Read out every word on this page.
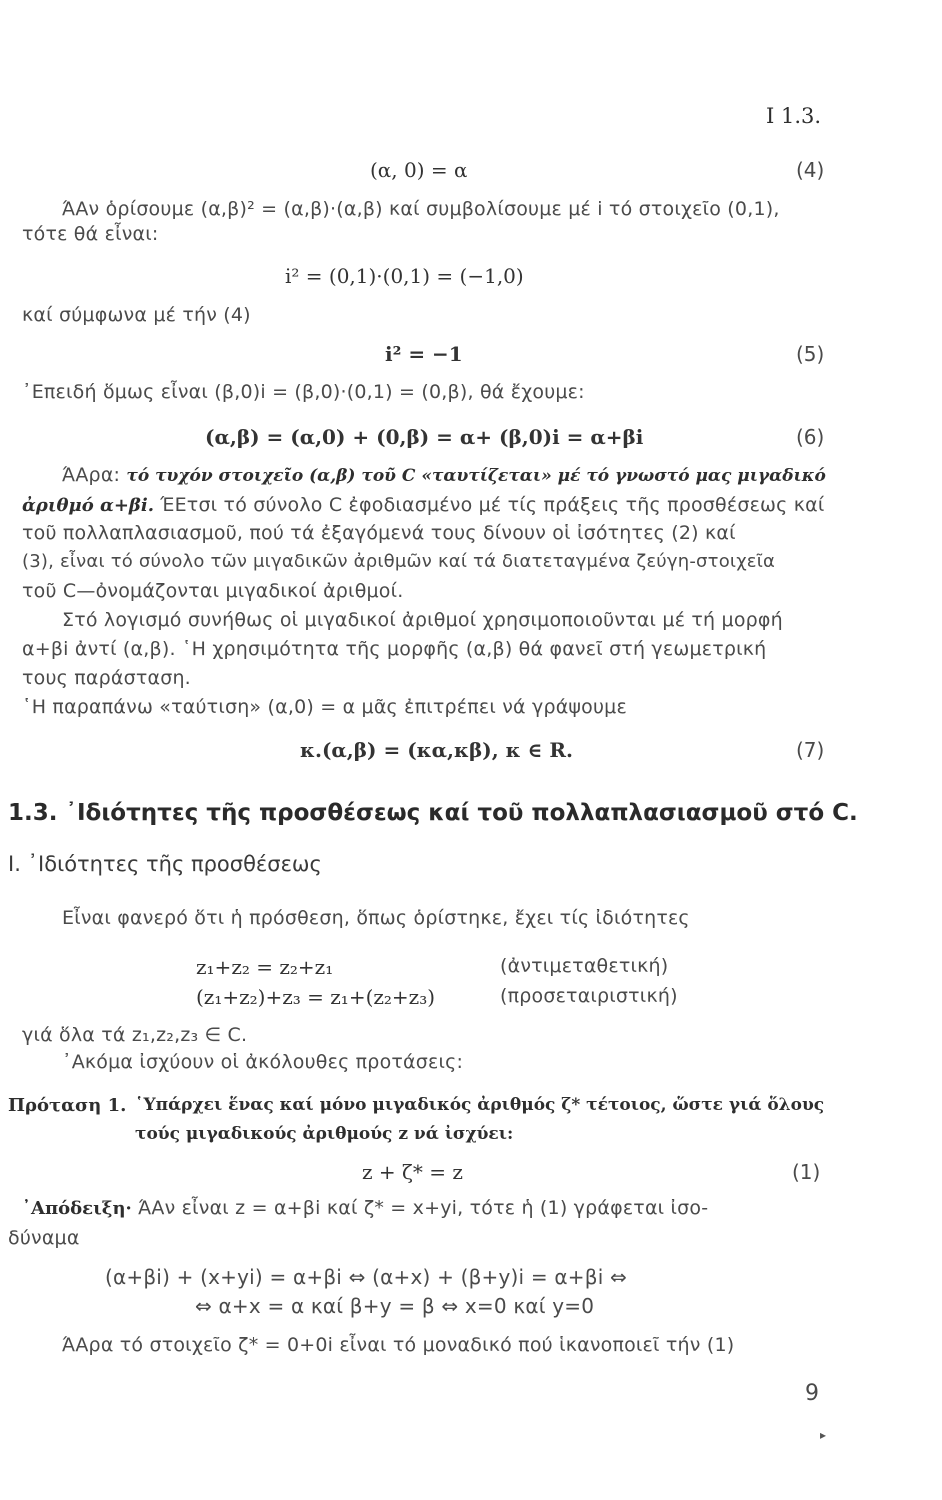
I 1.3.
(α, 0) = α	(4)
ΆΑν ὁρίσουμε (α,β)² = (α,β)·(α,β) καί συμβολίσουμε μέ i τό στοιχεῖο (0,1),
τότε θά εἶναι:
i² = (0,1)·(0,1) = (−1,0)
καί σύμφωνα μέ τήν (4)
i² = −1	(5)
᾿Επειδή ὅμως εἶναι (β,0)i = (β,0)·(0,1) = (0,β), θά ἔχουμε:
(α,β) = (α,0) + (0,β) = α+ (β,0)i = α+βi	(6)
ΆΑρα: τό τυχόν στοιχεῖο (α,β) τοῦ C «ταυτίζεται» μέ τό γνωστό μας μιγαδικό
ἀριθμό α+βi. ΈΕτσι τό σύνολο C ἐφοδιασμένο μέ τίς πράξεις τῆς προσθέσεως καί
τοῦ πολλαπλασιασμοῦ, πού τά ἐξαγόμενά τους δίνουν οἱ ἰσότητες (2) καί
(3), εἶναι τό σύνολο τῶν μιγαδικῶν ἀριθμῶν καί τά διατεταγμένα ζεύγη-στοιχεῖα
τοῦ C—ὀνομάζονται μιγαδικοί ἀριθμοί.
Στό λογισμό συνήθως οἱ μιγαδικοί ἀριθμοί χρησιμοποιοῦνται μέ τή μορφή
α+βi ἀντί (α,β). ῾Η χρησιμότητα τῆς μορφῆς (α,β) θά φανεῖ στή γεωμετρική
τους παράσταση.
῾Η παραπάνω «ταύτιση» (α,0) = α μᾶς ἐπιτρέπει νά γράψουμε
κ.(α,β) = (κα,κβ), κ ∈ R.	(7)
1.3. ᾿Ιδιότητες τῆς προσθέσεως καί τοῦ πολλαπλασιασμοῦ στό C.
I. ᾿Ιδιότητες τῆς προσθέσεως
Εἶναι φανερό ὅτι ἡ πρόσθεση, ὅπως ὁρίστηκε, ἔχει τίς ἰδιότητες
z₁+z₂ = z₂+z₁	(ἀντιμεταθετική)
(z₁+z₂)+z₃ = z₁+(z₂+z₃)	(προσεταιριστική)
γιά ὅλα τά z₁,z₂,z₃ ∈ C.
᾿Ακόμα ἰσχύουν οἱ ἀκόλουθες προτάσεις:
Πρόταση 1. ῾Υπάρχει ἕνας καί μόνο μιγαδικός ἀριθμός ζ* τέτοιος, ὥστε γιά ὅλους
τούς μιγαδικούς ἀριθμούς z νά ἰσχύει:
z + ζ* = z	(1)
᾿Απόδειξη· ΆΑν εἶναι z = α+βi καί ζ* = x+yi, τότε ἡ (1) γράφεται ἰσο-
δύναμα
(α+βi) + (x+yi) = α+βi ⇔ (α+x) + (β+y)i = α+βi ⇔
⇔ α+x = α καί β+y = β ⇔ x=0 καί y=0
ΆΑρα τό στοιχεῖο ζ* = 0+0i εἶναι τό μοναδικό πού ἱκανοποιεῖ τήν (1)
9
▸
